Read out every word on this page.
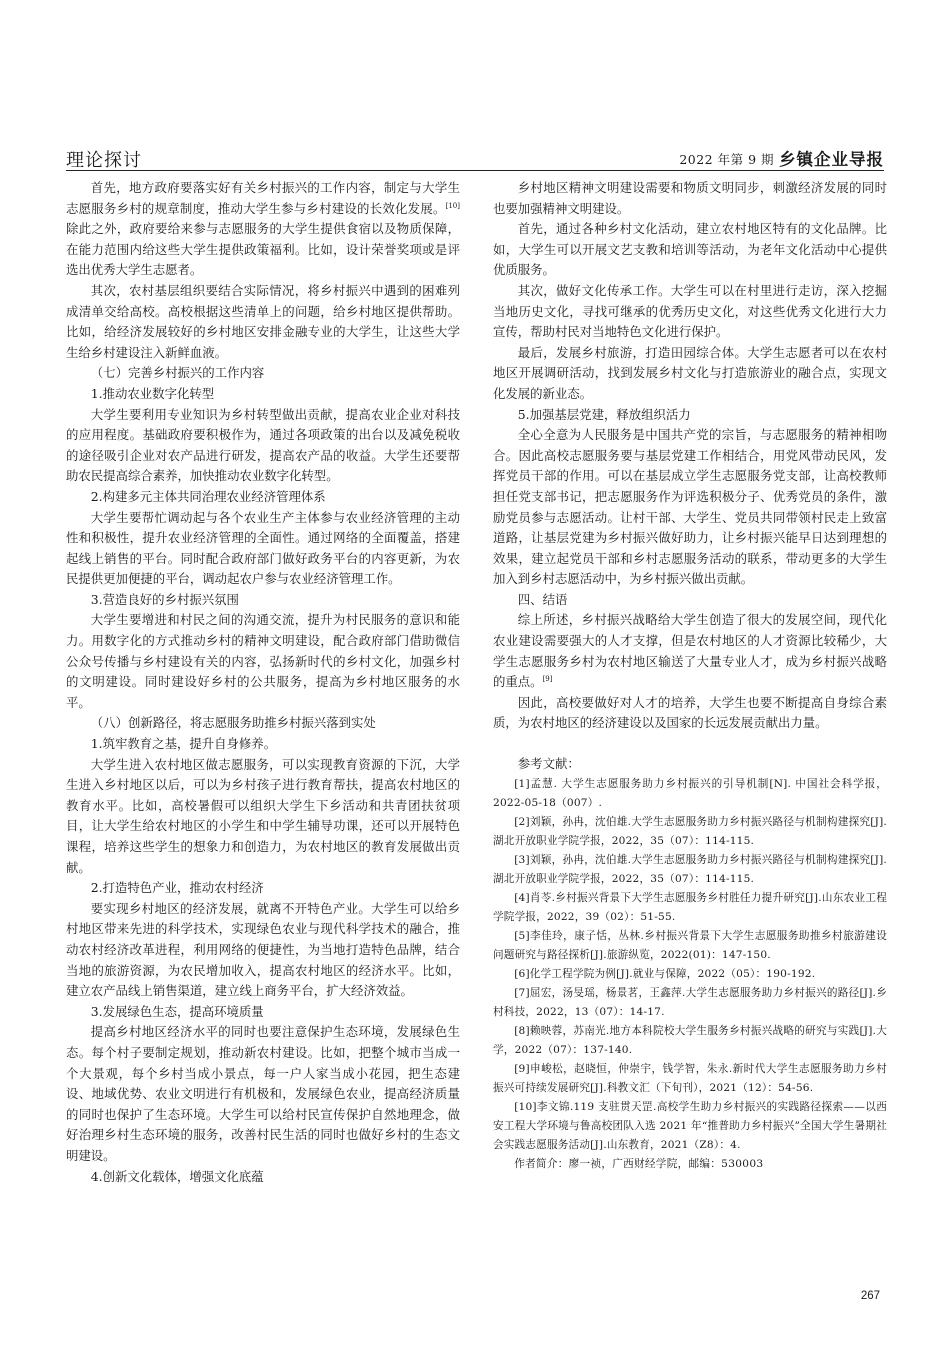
理论探讨	2022 年第 9 期 乡镇企业导报

首先，地方政府要落实好有关乡村振兴的工作内容，制定与大学生志愿服务乡村的规章制度，推动大学生参与乡村建设的长效化发展。[10]除此之外，政府要给来参与志愿服务的大学生提供食宿以及物质保障，在能力范围内给这些大学生提供政策福利。比如，设计荣誉奖项或是评选出优秀大学生志愿者。

其次，农村基层组织要结合实际情况，将乡村振兴中遇到的困难列成清单交给高校。高校根据这些清单上的问题，给乡村地区提供帮助。比如，给经济发展较好的乡村地区安排金融专业的大学生，让这些大学生给乡村建设注入新鲜血液。

（七）完善乡村振兴的工作内容

1.推动农业数字化转型

大学生要利用专业知识为乡村转型做出贡献，提高农业企业对科技的应用程度。基础政府要积极作为，通过各项政策的出台以及减免税收的途径吸引企业对农产品进行研发，提高农产品的收益。大学生还要帮助农民提高综合素养，加快推动农业数字化转型。

2.构建多元主体共同治理农业经济管理体系

大学生要帮忙调动起与各个农业生产主体参与农业经济管理的主动性和积极性，提升农业经济管理的全面性。通过网络的全面覆盖，搭建起线上销售的平台。同时配合政府部门做好政务平台的内容更新，为农民提供更加便捷的平台，调动起农户参与农业经济管理工作。

3.营造良好的乡村振兴氛围

大学生要增进和村民之间的沟通交流，提升为村民服务的意识和能力。用数字化的方式推动乡村的精神文明建设，配合政府部门借助微信公众号传播与乡村建设有关的内容，弘扬新时代的乡村文化，加强乡村的文明建设。同时建设好乡村的公共服务，提高为乡村地区服务的水平。

（八）创新路径，将志愿服务助推乡村振兴落到实处

1.筑牢教育之基，提升自身修养。

大学生进入农村地区做志愿服务，可以实现教育资源的下沉，大学生进入乡村地区以后，可以为乡村孩子进行教育帮扶，提高农村地区的教育水平。比如，高校暑假可以组织大学生下乡活动和共青团扶贫项目，让大学生给农村地区的小学生和中学生辅导功课，还可以开展特色课程，培养这些学生的想象力和创造力，为农村地区的教育发展做出贡献。

2.打造特色产业，推动农村经济

要实现乡村地区的经济发展，就离不开特色产业。大学生可以给乡村地区带来先进的科学技术，实现绿色农业与现代科学技术的融合，推动农村经济改革进程，利用网络的便捷性，为当地打造特色品牌，结合当地的旅游资源，为农民增加收入，提高农村地区的经济水平。比如，建立农产品线上销售渠道，建立线上商务平台，扩大经济效益。

3.发展绿色生态，提高环境质量

提高乡村地区经济水平的同时也要注意保护生态环境，发展绿色生态。每个村子要制定规划，推动新农村建设。比如，把整个城市当成一个大景观，每个乡村当成小景点，每一户人家当成小花园，把生态建设、地域优势、农业文明进行有机极和，发展绿色农业，提高经济质量的同时也保护了生态环境。大学生可以给村民宣传保护自然地理念，做好治理乡村生态环境的服务，改善村民生活的同时也做好乡村的生态文明建设。

4.创新文化载体，增强文化底蕴

乡村地区精神文明建设需要和物质文明同步，刺激经济发展的同时也要加强精神文明建设。

首先，通过各种乡村文化活动，建立农村地区特有的文化品牌。比如，大学生可以开展文艺支教和培训等活动，为老年文化活动中心提供优质服务。

其次，做好文化传承工作。大学生可以在村里进行走访，深入挖掘当地历史文化，寻找可继承的优秀历史文化，对这些优秀文化进行大力宣传，帮助村民对当地特色文化进行保护。

最后，发展乡村旅游，打造田园综合体。大学生志愿者可以在农村地区开展调研活动，找到发展乡村文化与打造旅游业的融合点，实现文化发展的新业态。

5.加强基层党建，释放组织活力

全心全意为人民服务是中国共产党的宗旨，与志愿服务的精神相吻合。因此高校志愿服务要与基层党建工作相结合，用党风带动民风，发挥党员干部的作用。可以在基层成立学生志愿服务党支部，让高校教师担任党支部书记，把志愿服务作为评选积极分子、优秀党员的条件，激励党员参与志愿活动。让村干部、大学生、党员共同带领村民走上致富道路，让基层党建为乡村振兴做好助力，让乡村振兴能早日达到理想的效果，建立起党员干部和乡村志愿服务活动的联系，带动更多的大学生加入到乡村志愿活动中，为乡村振兴做出贡献。

四、结语

综上所述，乡村振兴战略给大学生创造了很大的发展空间，现代化农业建设需要强大的人才支撑，但是农村地区的人才资源比较稀少，大学生志愿服务乡村为农村地区输送了大量专业人才，成为乡村振兴战略的重点。[9]

因此，高校要做好对人才的培养，大学生也要不断提高自身综合素质，为农村地区的经济建设以及国家的长远发展贡献出力量。

参考文献：

[1]孟慧. 大学生志愿服务助力乡村振兴的引导机制[N]. 中国社会科学报，2022-05-18（007）.

[2]刘颖，孙冉，沈伯雄.大学生志愿服务助力乡村振兴路径与机制构建探究[J].湖北开放职业学院学报，2022，35（07）：114-115.

[3]刘颖，孙冉，沈伯雄.大学生志愿服务助力乡村振兴路径与机制构建探究[J].湖北开放职业学院学报，2022，35（07）：114-115.

[4]肖苓.乡村振兴背景下大学生志愿服务乡村胜任力提升研究[J].山东农业工程学院学报，2022，39（02）：51-55.

[5]李佳玲，康子恬，丛林.乡村振兴背景下大学生志愿服务助推乡村旅游建设问题研究与路径探析[J].旅游纵览，2022(01)：147-150.

[6]化学工程学院为例[J].就业与保障，2022（05）：190-192.

[7]屈宏，汤旻瑶，杨景茗，王鑫萍.大学生志愿服务助力乡村振兴的路径[J].乡村科技，2022，13（07）：14-17.

[8]赖映蓉，苏南光.地方本科院校大学生服务乡村振兴战略的研究与实践[J].大学，2022（07）：137-140.

[9]申峻松，赵晓恒，仲崇宇，钱学智，朱永.新时代大学生志愿服务助力乡村振兴可持续发展研究[J].科教文汇（下旬刊），2021（12）：54-56.

[10]李文锦.119 支驻贯天罡.高校学生助力乡村振兴的实践路径探索——以西安工程大学环境与鲁高校团队入选 2021 年“推普助力乡村振兴”全国大学生暑期社会实践志愿服务活动[J].山东教育，2021（Z8）：4.

作者简介：廖一祯，广西财经学院，邮编：530003

267
